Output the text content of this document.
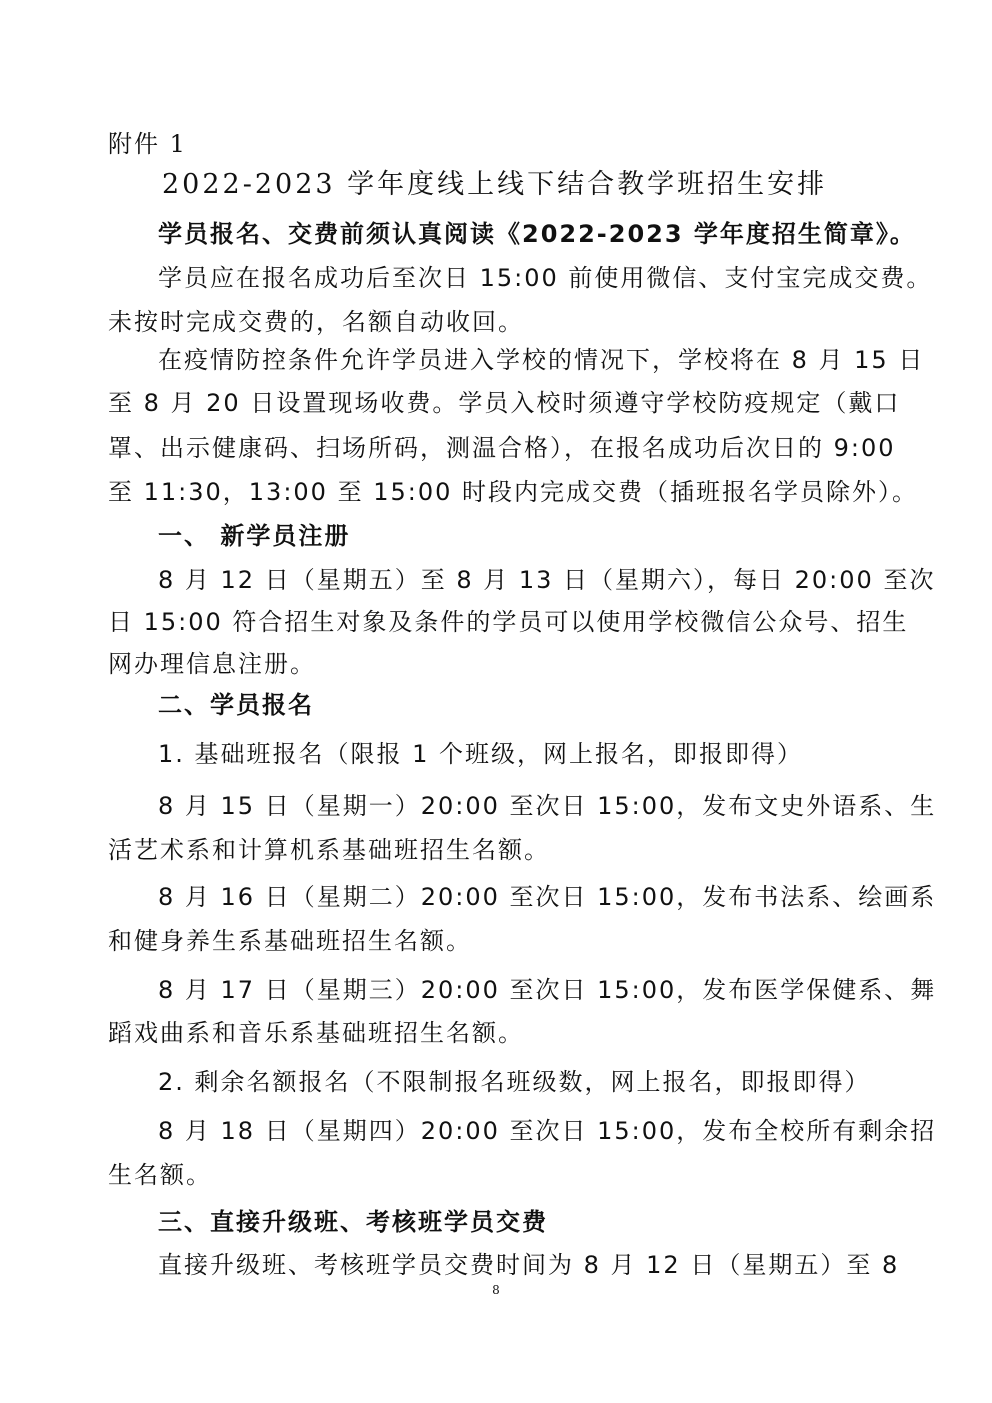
附件 1
2022-2023 学年度线上线下结合教学班招生安排
学员报名、交费前须认真阅读《2022-2023 学年度招生简章》。
学员应在报名成功后至次日 15:00 前使用微信、支付宝完成交费。
未按时完成交费的，名额自动收回。
在疫情防控条件允许学员进入学校的情况下，学校将在 8 月 15 日
至 8 月 20 日设置现场收费。学员入校时须遵守学校防疫规定（戴口
罩、出示健康码、扫场所码，测温合格），在报名成功后次日的 9:00
至 11:30，13:00 至 15:00 时段内完成交费（插班报名学员除外）。
一、 新学员注册
8 月 12 日（星期五）至 8 月 13 日（星期六），每日 20:00 至次
日 15:00 符合招生对象及条件的学员可以使用学校微信公众号、招生
网办理信息注册。
二、学员报名
1. 基础班报名（限报 1 个班级，网上报名，即报即得）
8 月 15 日（星期一）20:00 至次日 15:00，发布文史外语系、生
活艺术系和计算机系基础班招生名额。
8 月 16 日（星期二）20:00 至次日 15:00，发布书法系、绘画系
和健身养生系基础班招生名额。
8 月 17 日（星期三）20:00 至次日 15:00，发布医学保健系、舞
蹈戏曲系和音乐系基础班招生名额。
2. 剩余名额报名（不限制报名班级数，网上报名，即报即得）
8 月 18 日（星期四）20:00 至次日 15:00，发布全校所有剩余招
生名额。
三、直接升级班、考核班学员交费
直接升级班、考核班学员交费时间为 8 月 12 日（星期五）至 8
8
